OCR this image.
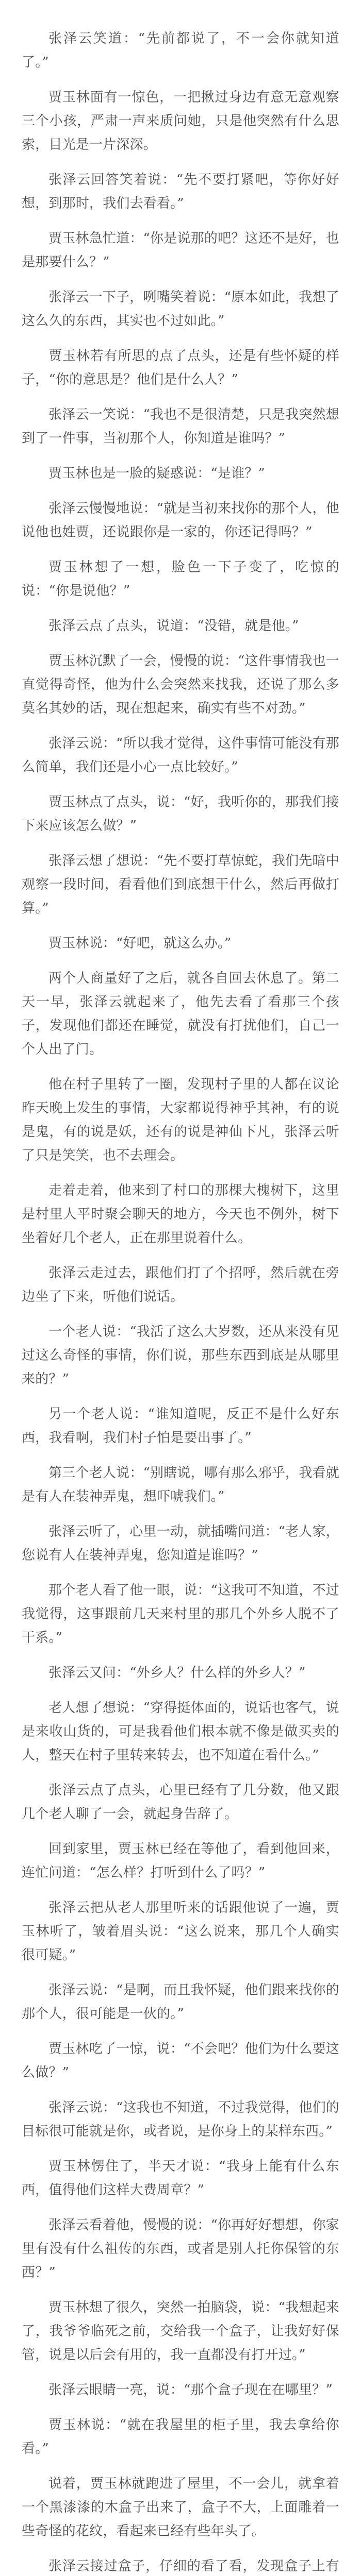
张泽云笑道：“先前都说了，不一会你就知道了。”

贾玉林面有一惊色，一把揪过身边有意无意观察三个小孩，严肃一声来质问她，只是他突然有什么思索，目光是一片深深。

张泽云回答笑着说：“先不要打紧吧，等你好好想，到那时，我们去看看。”

贾玉林急忙道：“你是说那的吧？这还不是好，也是那要什么？”

张泽云一下子，咧嘴笑着说：“原本如此，我想了这么久的东西，其实也不过如此。”

贾玉林若有所思的点了点头，还是有些怀疑的样子，“你的意思是？他们是什么人？”

张泽云一笑说：“我也不是很清楚，只是我突然想到了一件事，当初那个人，你知道是谁吗？”

贾玉林也是一脸的疑惑说：“是谁？”

张泽云慢慢地说：“就是当初来找你的那个人，他说他也姓贾，还说跟你是一家的，你还记得吗？”

贾玉林想了一想，脸色一下子变了，吃惊的说：“你是说他？”

张泽云点了点头，说道：“没错，就是他。”

贾玉林沉默了一会，慢慢的说：“这件事情我也一直觉得奇怪，他为什么会突然来找我，还说了那么多莫名其妙的话，现在想起来，确实有些不对劲。”

张泽云说：“所以我才觉得，这件事情可能没有那么简单，我们还是小心一点比较好。”

贾玉林点了点头，说：“好，我听你的，那我们接下来应该怎么做？”

张泽云想了想说：“先不要打草惊蛇，我们先暗中观察一段时间，看看他们到底想干什么，然后再做打算。”

贾玉林说：“好吧，就这么办。”

两个人商量好了之后，就各自回去休息了。第二天一早，张泽云就起来了，他先去看了看那三个孩子，发现他们都还在睡觉，就没有打扰他们，自己一个人出了门。

他在村子里转了一圈，发现村子里的人都在议论昨天晚上发生的事情，大家都说得神乎其神，有的说是鬼，有的说是妖，还有的说是神仙下凡，张泽云听了只是笑笑，也不去理会。

走着走着，他来到了村口的那棵大槐树下，这里是村里人平时聚会聊天的地方，今天也不例外，树下坐着好几个老人，正在那里说着什么。

张泽云走过去，跟他们打了个招呼，然后就在旁边坐了下来，听他们说话。

一个老人说：“我活了这么大岁数，还从来没有见过这么奇怪的事情，你们说，那些东西到底是从哪里来的？”

另一个老人说：“谁知道呢，反正不是什么好东西，我看啊，我们村子怕是要出事了。”

第三个老人说：“别瞎说，哪有那么邪乎，我看就是有人在装神弄鬼，想吓唬我们。”

张泽云听了，心里一动，就插嘴问道：“老人家，您说有人在装神弄鬼，您知道是谁吗？”

那个老人看了他一眼，说：“这我可不知道，不过我觉得，这事跟前几天来村里的那几个外乡人脱不了干系。”

张泽云又问：“外乡人？什么样的外乡人？”

老人想了想说：“穿得挺体面的，说话也客气，说是来收山货的，可是我看他们根本就不像是做买卖的人，整天在村子里转来转去，也不知道在看什么。”

张泽云点了点头，心里已经有了几分数，他又跟几个老人聊了一会，就起身告辞了。

回到家里，贾玉林已经在等他了，看到他回来，连忙问道：“怎么样？打听到什么了吗？”

张泽云把从老人那里听来的话跟他说了一遍，贾玉林听了，皱着眉头说：“这么说来，那几个人确实很可疑。”

张泽云说：“是啊，而且我怀疑，他们跟来找你的那个人，很可能是一伙的。”

贾玉林吃了一惊，说：“不会吧？他们为什么要这么做？”

张泽云说：“这我也不知道，不过我觉得，他们的目标很可能就是你，或者说，是你身上的某样东西。”

贾玉林愣住了，半天才说：“我身上能有什么东西，值得他们这样大费周章？”

张泽云看着他，慢慢的说：“你再好好想想，你家里有没有什么祖传的东西，或者是别人托你保管的东西？”

贾玉林想了很久，突然一拍脑袋，说：“我想起来了，我爷爷临死之前，交给我一个盒子，让我好好保管，说是以后会有用的，我一直都没有打开过。”

张泽云眼睛一亮，说：“那个盒子现在在哪里？”

贾玉林说：“就在我屋里的柜子里，我去拿给你看。”

说着，贾玉林就跑进了屋里，不一会儿，就拿着一个黑漆漆的木盒子出来了，盒子不大，上面雕着一些奇怪的花纹，看起来已经有些年头了。

张泽云接过盒子，仔细的看了看，发现盒子上有
